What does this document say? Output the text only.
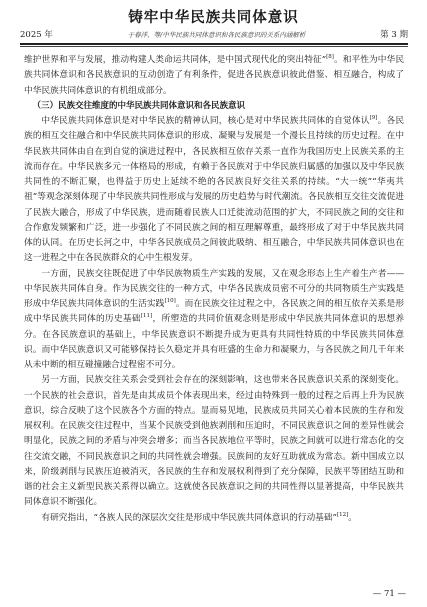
铸牢中华民族共同体意识
2025 年	于春洋，等/中华民族共同体意识和各民族意识的关系内涵解析	第 3 期

维护世界和平与发展，推动构建人类命运共同体，是中国式现代化的突出特征”[8]。和平性为中华民族共同体意识和各民族意识的互动创造了有利条件，促进各民族意识彼此借鉴、相互融合，构成了中华民族共同体意识的有机组成部分。

（三）民族交往维度的中华民族共同体意识和各民族意识

中华民族共同体意识是对中华民族的精神认同，核心是对中华民族共同体的自觉体认[9]。各民族的相互交往融合和中华民族共同体意识的形成、凝聚与发展是一个漫长且持续的历史过程。在中华民族共同体由自在到自觉的演进过程中，各民族相互依存关系一直作为我国历史上民族关系的主流而存在。中华民族多元一体格局的形成，有赖于各民族对于中华民族归属感的加强以及中华民族共同性的不断汇聚，也得益于历史上延续不绝的各民族良好交往关系的持续。“大一统”“华夷共祖”等观念深刻体现了中华民族共同性形成与发展的历史趋势与时代潮流。各民族相互交往交流促进了民族大融合，形成了中华民族，进而随着民族人口迁徙流动范围的扩大，不同民族之间的交往和合作愈发频繁和广泛，进一步强化了不同民族之间的相互理解尊重，最终形成了对于中华民族共同体的认同。在历史长河之中，中华各民族成员之间彼此吸纳、相互融合，中华民族共同体意识也在这一进程之中在各民族群众的心中生根发芽。

一方面，民族交往既促进了中华民族物质生产实践的发展，又在观念形态上生产着生产者——中华民族共同体自身。作为民族交往的一种方式，中华各民族成员密不可分的共同物质生产实践是形成中华民族共同体意识的生活实践[10]。而在民族交往过程之中，各民族之间的相互依存关系是形成中华民族共同体的历史基础[11]，所塑造的共同价值观念则是形成中华民族共同体意识的思想养分。在各民族意识的基础上，中华民族意识不断提升成为更具有共同性特质的中华民族共同体意识。而中华民族意识又可能够保持长久稳定并具有旺盛的生命力和凝聚力，与各民族之间几千年来从未中断的相互碰撞融合过程密不可分。

另一方面，民族交往关系会受到社会存在的深刻影响，这也带来各民族意识关系的深刻变化。一个民族的社会意识，首先是由其成员个体表现出来，经过由特殊到一般的过程之后再上升为民族意识，综合反映了这个民族各个方面的特点。显而易见地，民族成员共同关心着本民族的生存和发展权利。在民族交往过程中，当某个民族受到他族剥削和压迫时，不同民族意识之间的差异性就会明显化，民族之间的矛盾与冲突会增多；而当各民族地位平等时，民族之间就可以进行常态化的交往交流交融，不同民族意识之间的共同性就会增强。民族间的友好互助就成为常态。新中国成立以来，阶级剥削与民族压迫被消灭，各民族的生存和发展权利得到了充分保障，民族平等团结互助和谐的社会主义新型民族关系得以确立。这就使各民族意识之间的共同性得以显著提高，中华民族共同体意识不断强化。

有研究指出，“各族人民的深层次交往是形成中华民族共同体意识的行动基础”[12]。

— 71 —
